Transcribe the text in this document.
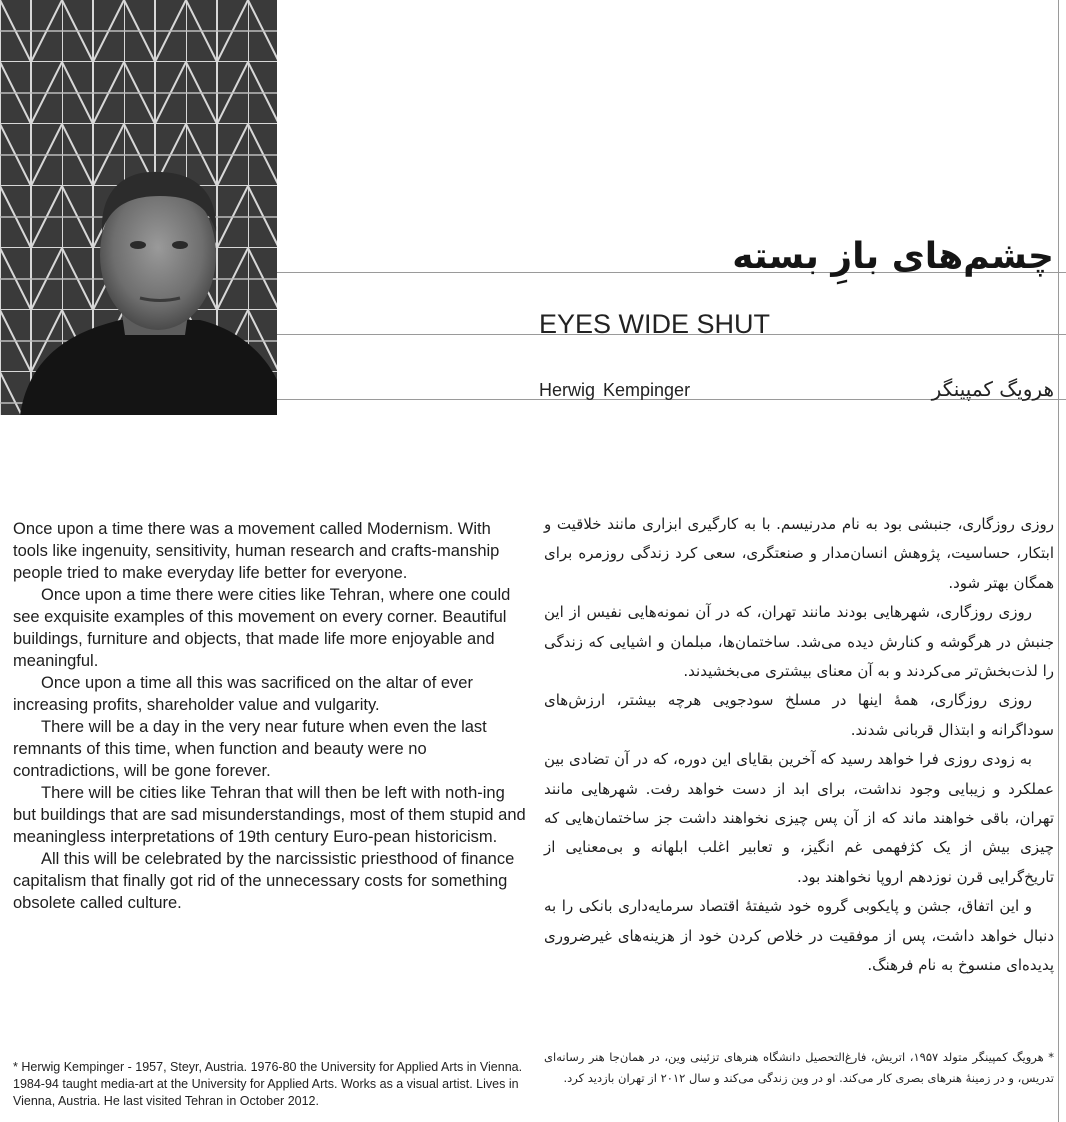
چشم‌های بازِ بسته
EYES WIDE SHUT
Herwig Kempinger	هرویگ کمپینگر

Once upon a time there was a movement called Modernism. With tools like ingenuity, sensitivity, human research and crafts-manship people tried to make everyday life better for everyone.

Once upon a time there were cities like Tehran, where one could see exquisite examples of this movement on every corner. Beautiful buildings, furniture and objects, that made life more enjoyable and meaningful.

Once upon a time all this was sacrificed on the altar of ever increasing profits, shareholder value and vulgarity.

There will be a day in the very near future when even the last remnants of this time, when function and beauty were no contradictions, will be gone forever.

There will be cities like Tehran that will then be left with noth-ing but buildings that are sad misunderstandings, most of them stupid and meaningless interpretations of 19th century Euro-pean historicism.

All this will be celebrated by the narcissistic priesthood of finance capitalism that finally got rid of the unnecessary costs for something obsolete called culture.

روزی روزگاری، جنبشی بود به نام مدرنیسم. با به کارگیری ابزاری مانند خلاقیت و ابتکار، حساسیت، پژوهش انسان‌مدار و صنعتگری، سعی کرد زندگی روزمره برای همگان بهتر شود.

روزی روزگاری، شهرهایی بودند مانند تهران، که در آن نمونه‌هایی نفیس از این جنبش در هرگوشه و کنارش دیده می‌شد. ساختمان‌ها، مبلمان و اشیایی که زندگی را لذت‌بخش‌تر می‌کردند و به آن معنای بیشتری می‌بخشیدند.

روزی روزگاری، همهٔ اینها در مسلخ سودجویی هرچه بیشتر، ارزش‌های سوداگرانه و ابتذال قربانی شدند.

به زودی روزی فرا خواهد رسید که آخرین بقایای این دوره، که در آن تضادی بین عملکرد و زیبایی وجود نداشت، برای ابد از دست خواهد رفت. شهرهایی مانند تهران، باقی خواهند ماند که از آن پس چیزی نخواهند داشت جز ساختمان‌هایی که چیزی بیش از یک کژفهمی غم انگیز، و تعابیر اغلب ابلهانه و بی‌معنایی از تاریخ‌گرایی قرن نوزدهم اروپا نخواهند بود.

و این اتفاق، جشن و پایکوبی گروه خود شیفتهٔ اقتصاد سرمایه‌داری بانکی را به دنبال خواهد داشت، پس از موفقیت در خلاص کردن خود از هزینه‌های غیرضروری پدیده‌ای منسوخ به نام فرهنگ.

* Herwig Kempinger - 1957, Steyr, Austria. 1976-80 the University for Applied Arts in Vienna. 1984-94 taught media-art at the University for Applied Arts. Works as a visual artist. Lives in Vienna, Austria. He last visited Tehran in October 2012.
* هرویگ کمپینگر متولد ۱۹۵۷، اتریش، فارغ‌التحصیل دانشگاه هنرهای تزئینی وین، در همان‌جا هنر رسانه‌ای تدریس، و در زمینهٔ هنرهای بصری کار می‌کند. او در وین زندگی می‌کند و سال ۲۰۱۲ از تهران بازدید کرد.
